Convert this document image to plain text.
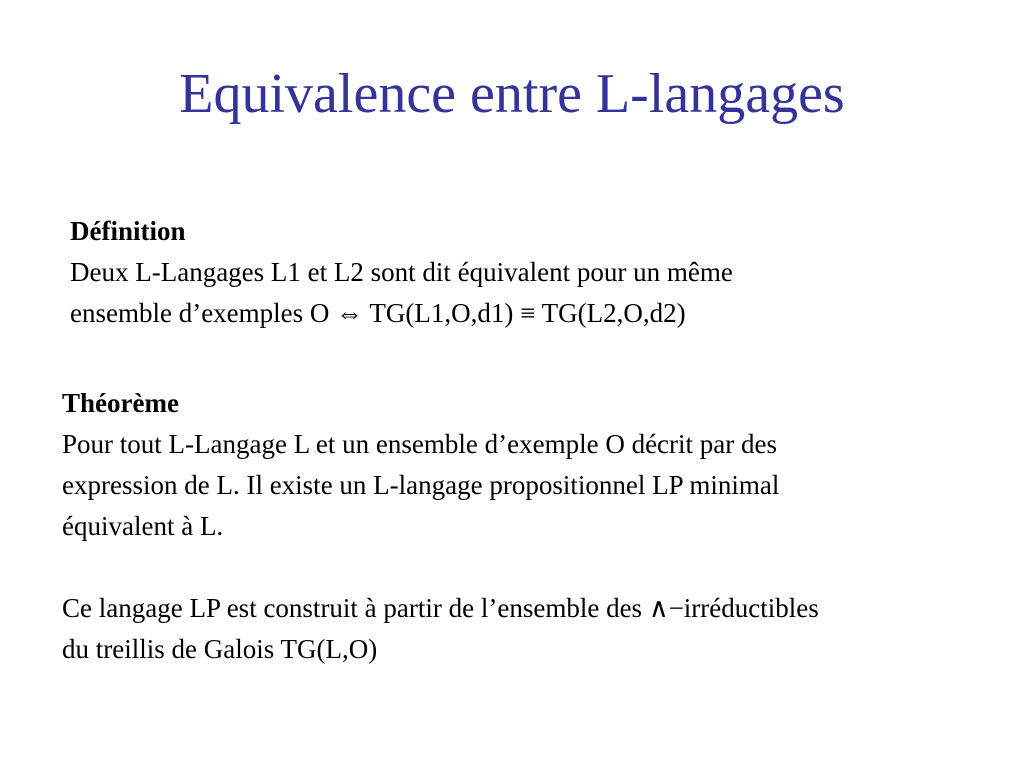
Equivalence entre L-langages
Définition
Deux L-Langages L1 et L2 sont dit équivalent pour un même
ensemble d’exemples O ⇔ TG(L1,O,d1) ≡ TG(L2,O,d2)
Théorème
Pour tout L-Langage L et un ensemble d’exemple O décrit par des
expression de L. Il existe un L-langage propositionnel LP minimal
équivalent à L.
Ce langage LP est construit à partir de l’ensemble des ∧−irréductibles
du treillis de Galois TG(L,O)
